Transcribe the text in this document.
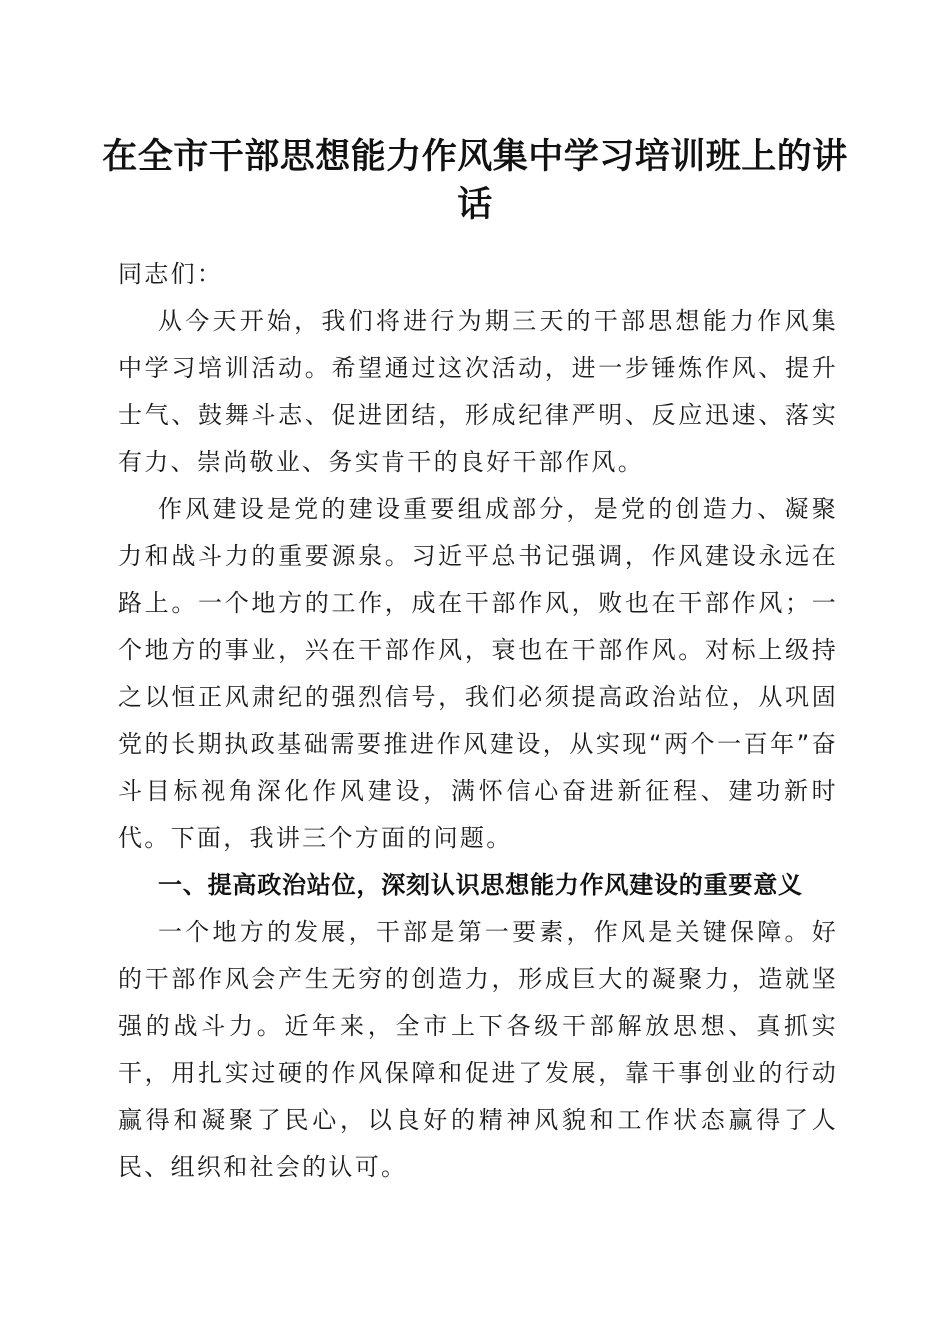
在全市干部思想能力作风集中学习培训班上的讲话

同志们：

从今天开始，我们将进行为期三天的干部思想能力作风集中学习培训活动。希望通过这次活动，进一步锤炼作风、提升士气、鼓舞斗志、促进团结，形成纪律严明、反应迅速、落实有力、崇尚敬业、务实肯干的良好干部作风。

作风建设是党的建设重要组成部分，是党的创造力、凝聚力和战斗力的重要源泉。习近平总书记强调，作风建设永远在路上。一个地方的工作，成在干部作风，败也在干部作风；一个地方的事业，兴在干部作风，衰也在干部作风。对标上级持之以恒正风肃纪的强烈信号，我们必须提高政治站位，从巩固党的长期执政基础需要推进作风建设，从实现“两个一百年”奋斗目标视角深化作风建设，满怀信心奋进新征程、建功新时代。下面，我讲三个方面的问题。

一、提高政治站位，深刻认识思想能力作风建设的重要意义

一个地方的发展，干部是第一要素，作风是关键保障。好的干部作风会产生无穷的创造力，形成巨大的凝聚力，造就坚强的战斗力。近年来，全市上下各级干部解放思想、真抓实干，用扎实过硬的作风保障和促进了发展，靠干事创业的行动赢得和凝聚了民心，以良好的精神风貌和工作状态赢得了人民、组织和社会的认可。
